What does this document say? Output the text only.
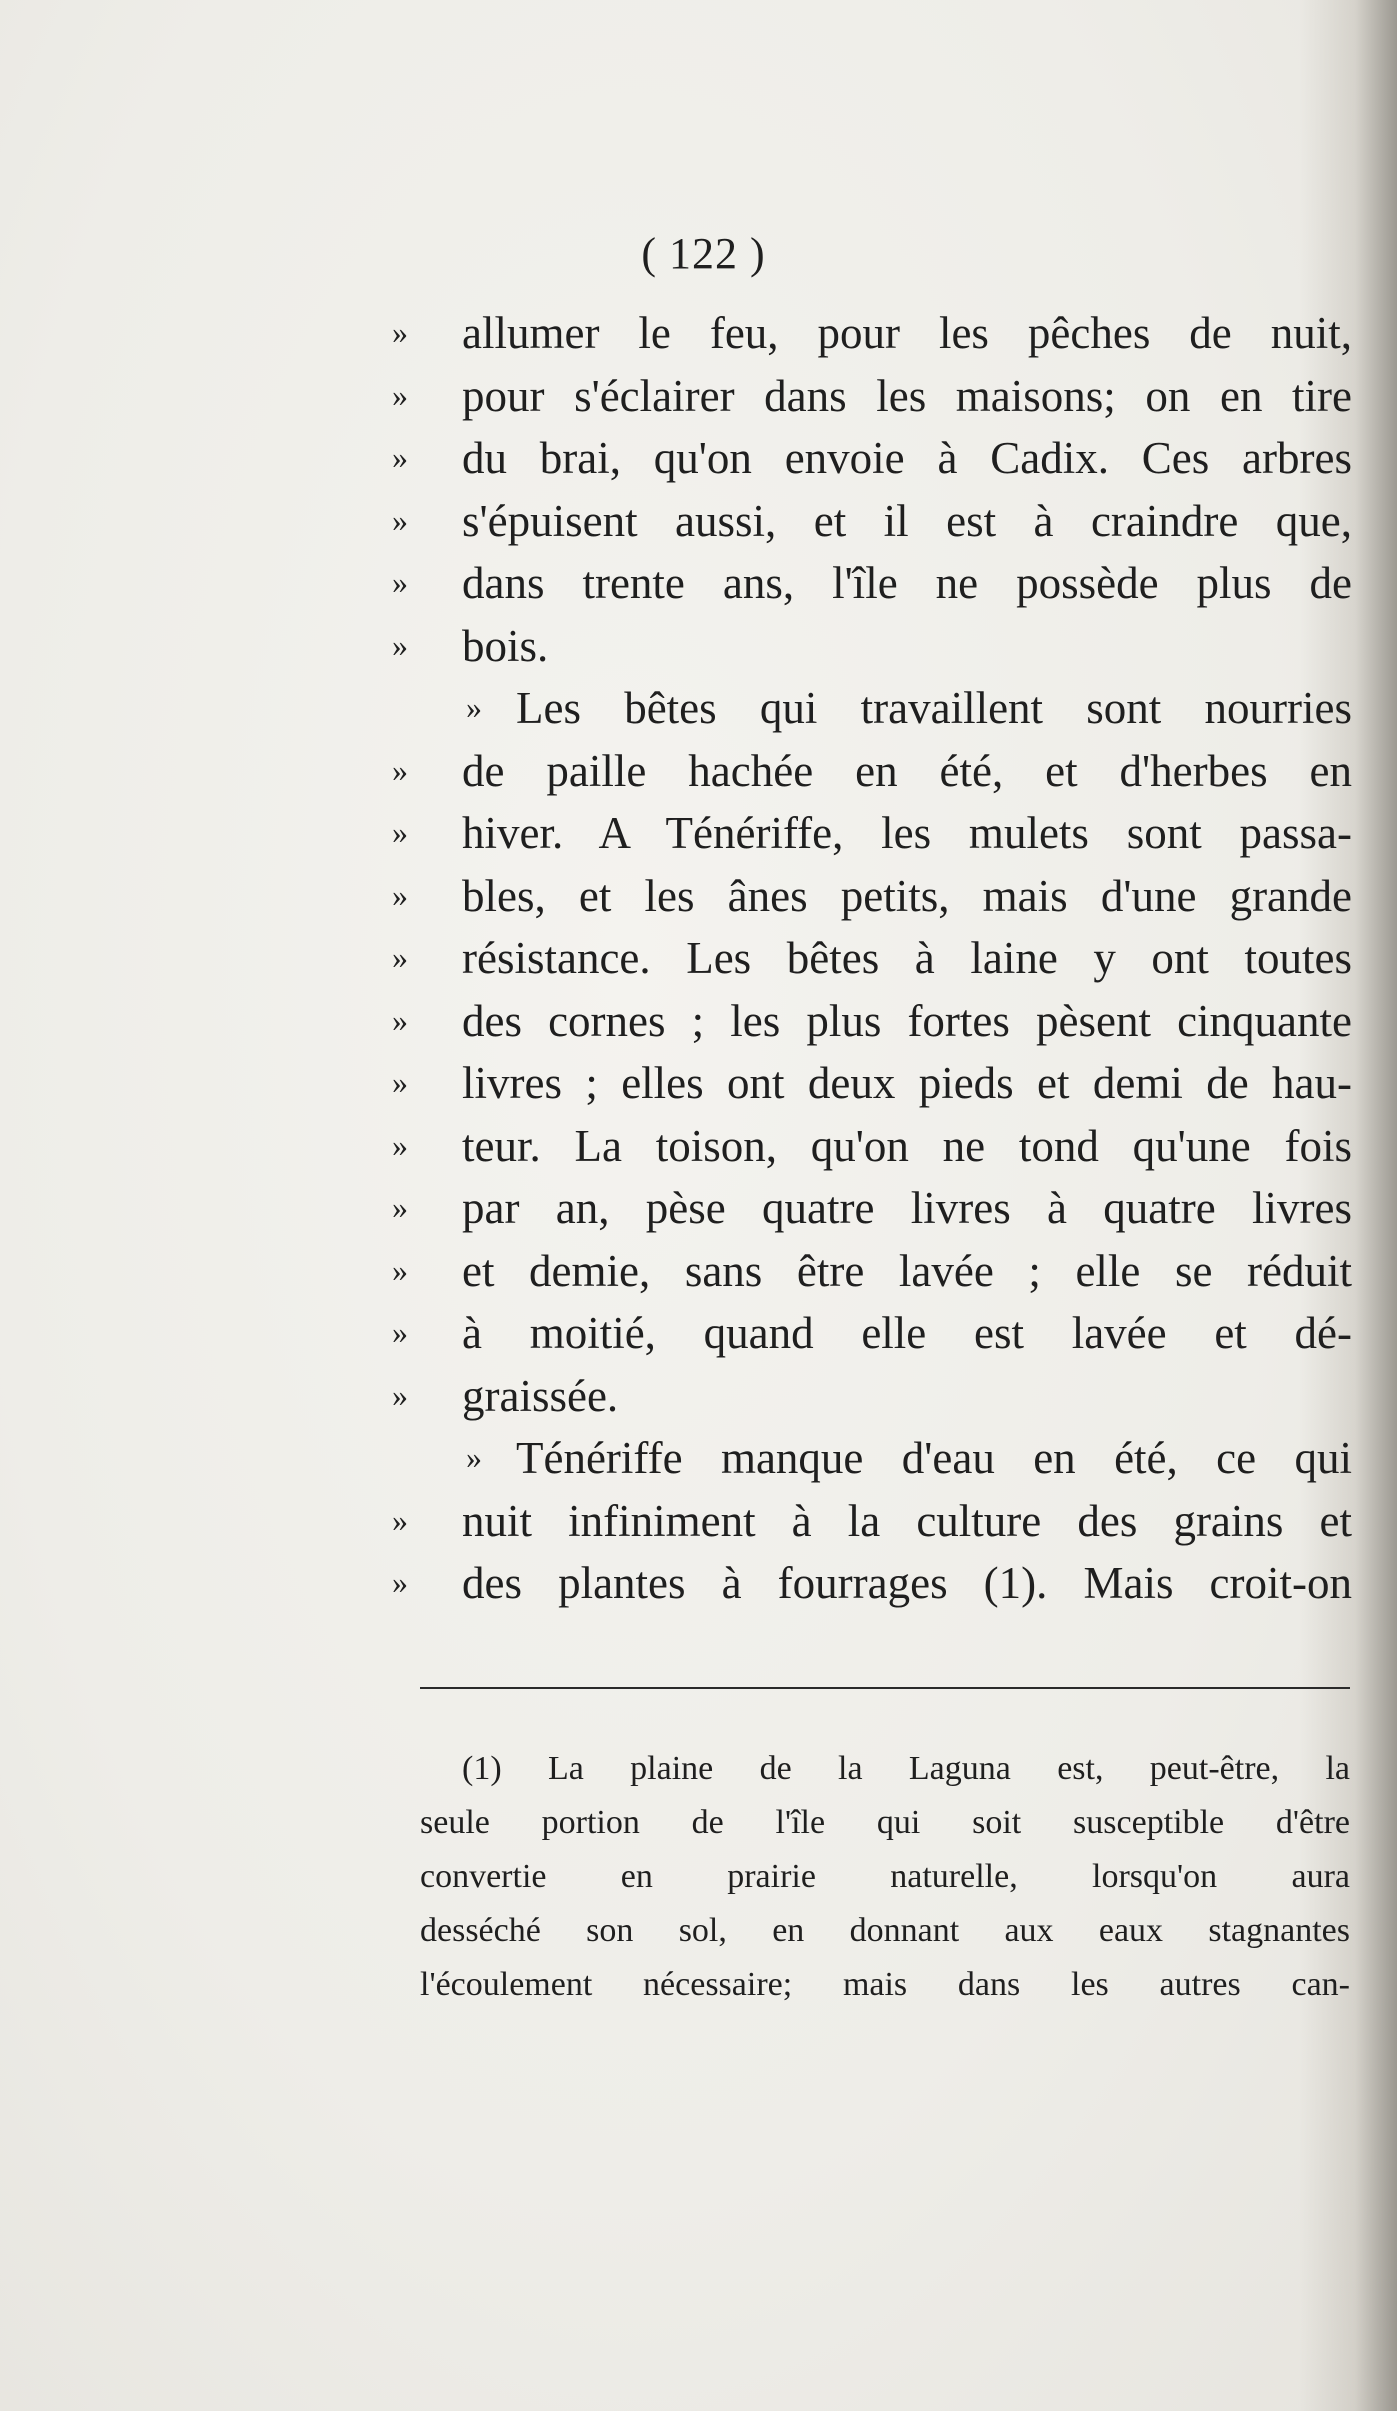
( 122 )
» allumer le feu, pour les pêches de nuit,
» pour s'éclairer dans les maisons; on en tire
» du brai, qu'on envoie à Cadix. Ces arbres
» s'épuisent aussi, et il est à craindre que,
» dans trente ans, l'île ne possède plus de
» bois.
» Les bêtes qui travaillent sont nourries
» de paille hachée en été, et d'herbes en
» hiver. A Ténériffe, les mulets sont passa-
» bles, et les ânes petits, mais d'une grande
» résistance. Les bêtes à laine y ont toutes
» des cornes ; les plus fortes pèsent cinquante
» livres ; elles ont deux pieds et demi de hau-
» teur. La toison, qu'on ne tond qu'une fois
» par an, pèse quatre livres à quatre livres
» et demie, sans être lavée ; elle se réduit
» à moitié, quand elle est lavée et dé-
» graissée.
» Ténériffe manque d'eau en été, ce qui
» nuit infiniment à la culture des grains et
» des plantes à fourrages (1). Mais croit-on
(1) La plaine de la Laguna est, peut-être, la
seule portion de l'île qui soit susceptible d'être
convertie en prairie naturelle, lorsqu'on aura
desséché son sol, en donnant aux eaux stagnantes
l'écoulement nécessaire; mais dans les autres can-
